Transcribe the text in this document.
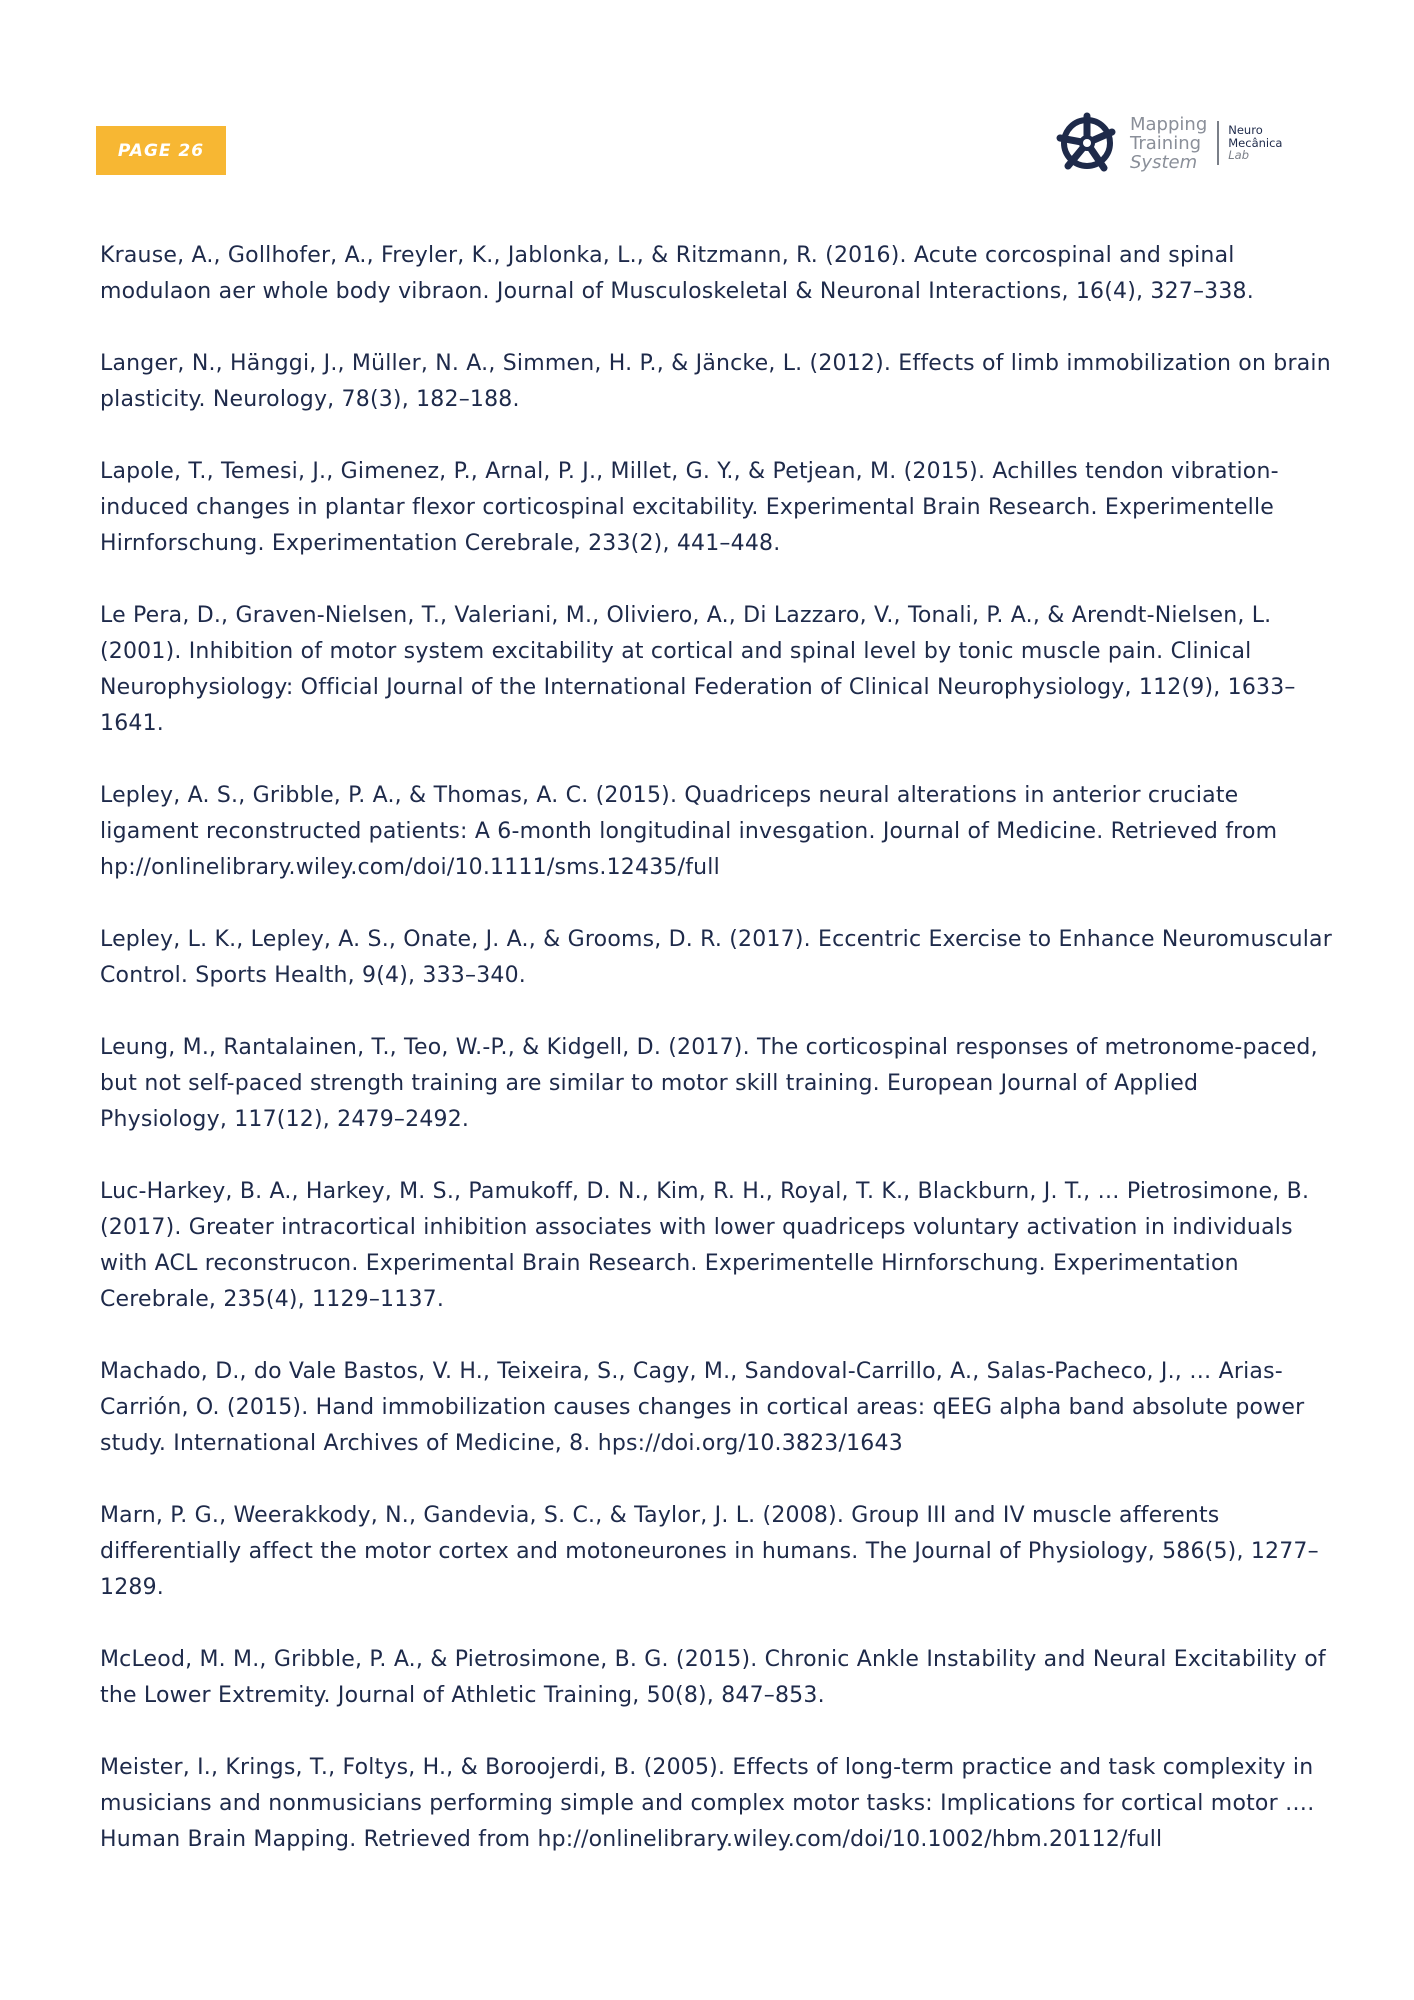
PAGE 26
Mapping
Training
System
Neuro
Mecânica
Lab

Krause, A., Gollhofer, A., Freyler, K., Jablonka, L., & Ritzmann, R. (2016). Acute corcospinal and spinal modulaon aer whole body vibraon. Journal of Musculoskeletal & Neuronal Interactions, 16(4), 327–338.

Langer, N., Hänggi, J., Müller, N. A., Simmen, H. P., & Jäncke, L. (2012). Effects of limb immobilization on brain plasticity. Neurology, 78(3), 182–188.

Lapole, T., Temesi, J., Gimenez, P., Arnal, P. J., Millet, G. Y., & Petjean, M. (2015). Achilles tendon vibration-induced changes in plantar flexor corticospinal excitability. Experimental Brain Research. Experimentelle Hirnforschung. Experimentation Cerebrale, 233(2), 441–448.

Le Pera, D., Graven-Nielsen, T., Valeriani, M., Oliviero, A., Di Lazzaro, V., Tonali, P. A., & Arendt-Nielsen, L. (2001). Inhibition of motor system excitability at cortical and spinal level by tonic muscle pain. Clinical Neurophysiology: Official Journal of the International Federation of Clinical Neurophysiology, 112(9), 1633–1641.

Lepley, A. S., Gribble, P. A., & Thomas, A. C. (2015). Quadriceps neural alterations in anterior cruciate ligament reconstructed patients: A 6-month longitudinal invesgation. Journal of Medicine. Retrieved from hp://onlinelibrary.wiley.com/doi/10.1111/sms.12435/full

Lepley, L. K., Lepley, A. S., Onate, J. A., & Grooms, D. R. (2017). Eccentric Exercise to Enhance Neuromuscular Control. Sports Health, 9(4), 333–340.

Leung, M., Rantalainen, T., Teo, W.-P., & Kidgell, D. (2017). The corticospinal responses of metronome-paced, but not self-paced strength training are similar to motor skill training. European Journal of Applied Physiology, 117(12), 2479–2492.

Luc-Harkey, B. A., Harkey, M. S., Pamukoff, D. N., Kim, R. H., Royal, T. K., Blackburn, J. T., … Pietrosimone, B. (2017). Greater intracortical inhibition associates with lower quadriceps voluntary activation in individuals with ACL reconstrucon. Experimental Brain Research. Experimentelle Hirnforschung. Experimentation Cerebrale, 235(4), 1129–1137.

Machado, D., do Vale Bastos, V. H., Teixeira, S., Cagy, M., Sandoval-Carrillo, A., Salas-Pacheco, J., … Arias-Carrión, O. (2015). Hand immobilization causes changes in cortical areas: qEEG alpha band absolute power study. International Archives of Medicine, 8. hps://doi.org/10.3823/1643

Marn, P. G., Weerakkody, N., Gandevia, S. C., & Taylor, J. L. (2008). Group III and IV muscle afferents differentially affect the motor cortex and motoneurones in humans. The Journal of Physiology, 586(5), 1277–1289.

McLeod, M. M., Gribble, P. A., & Pietrosimone, B. G. (2015). Chronic Ankle Instability and Neural Excitability of the Lower Extremity. Journal of Athletic Training, 50(8), 847–853.

Meister, I., Krings, T., Foltys, H., & Boroojerdi, B. (2005). Effects of long-term practice and task complexity in musicians and nonmusicians performing simple and complex motor tasks: Implications for cortical motor …. Human Brain Mapping. Retrieved from hp://onlinelibrary.wiley.com/doi/10.1002/hbm.20112/full
